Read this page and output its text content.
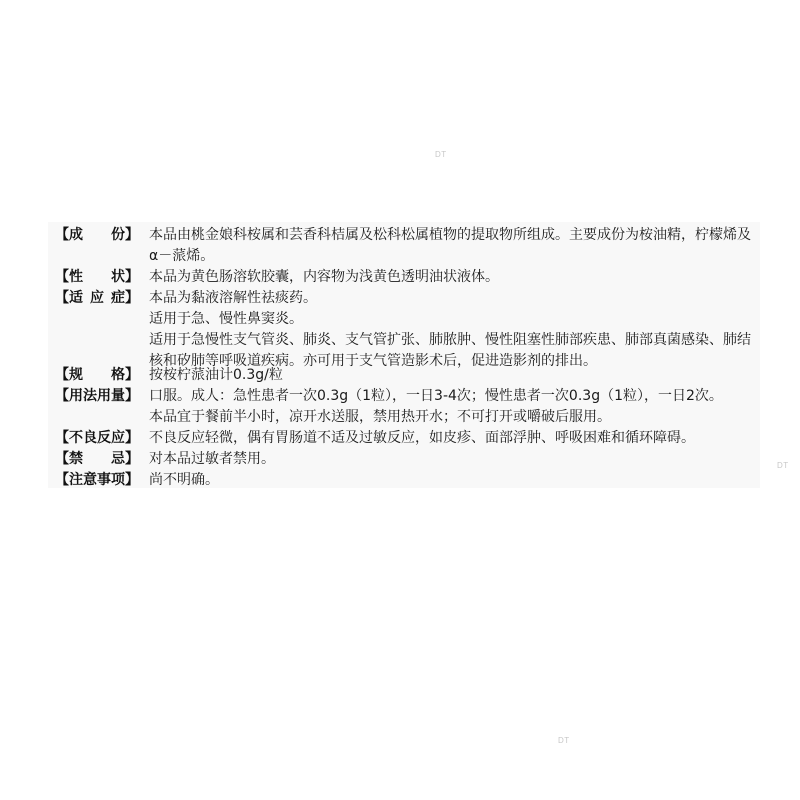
DT
DT
DT
【成份】 本品由桃金娘科桉属和芸香科桔属及松科松属植物的提取物所组成。主要成份为桉油精，柠檬烯及 α－蒎烯。

【性状】 本品为黄色肠溶软胶囊，内容物为浅黄色透明油状液体。

【适应症】 本品为黏液溶解性祛痰药。

适用于急、慢性鼻窦炎。

适用于急慢性支气管炎、肺炎、支气管扩张、肺脓肿、慢性阻塞性肺部疾患、肺部真菌感染、肺结核和矽肺等呼吸道疾病。亦可用于支气管造影术后，促进造影剂的排出。

【规格】 按桉柠蒎油计0.3g/粒

【用法用量】 口服。成人：急性患者一次0.3g（1粒），一日3-4次；慢性患者一次0.3g（1粒），一日2次。

本品宜于餐前半小时，凉开水送服，禁用热开水；不可打开或嚼破后服用。

【不良反应】 不良反应轻微，偶有胃肠道不适及过敏反应，如皮疹、面部浮肿、呼吸困难和循环障碍。

【禁忌】 对本品过敏者禁用。

【注意事项】 尚不明确。
